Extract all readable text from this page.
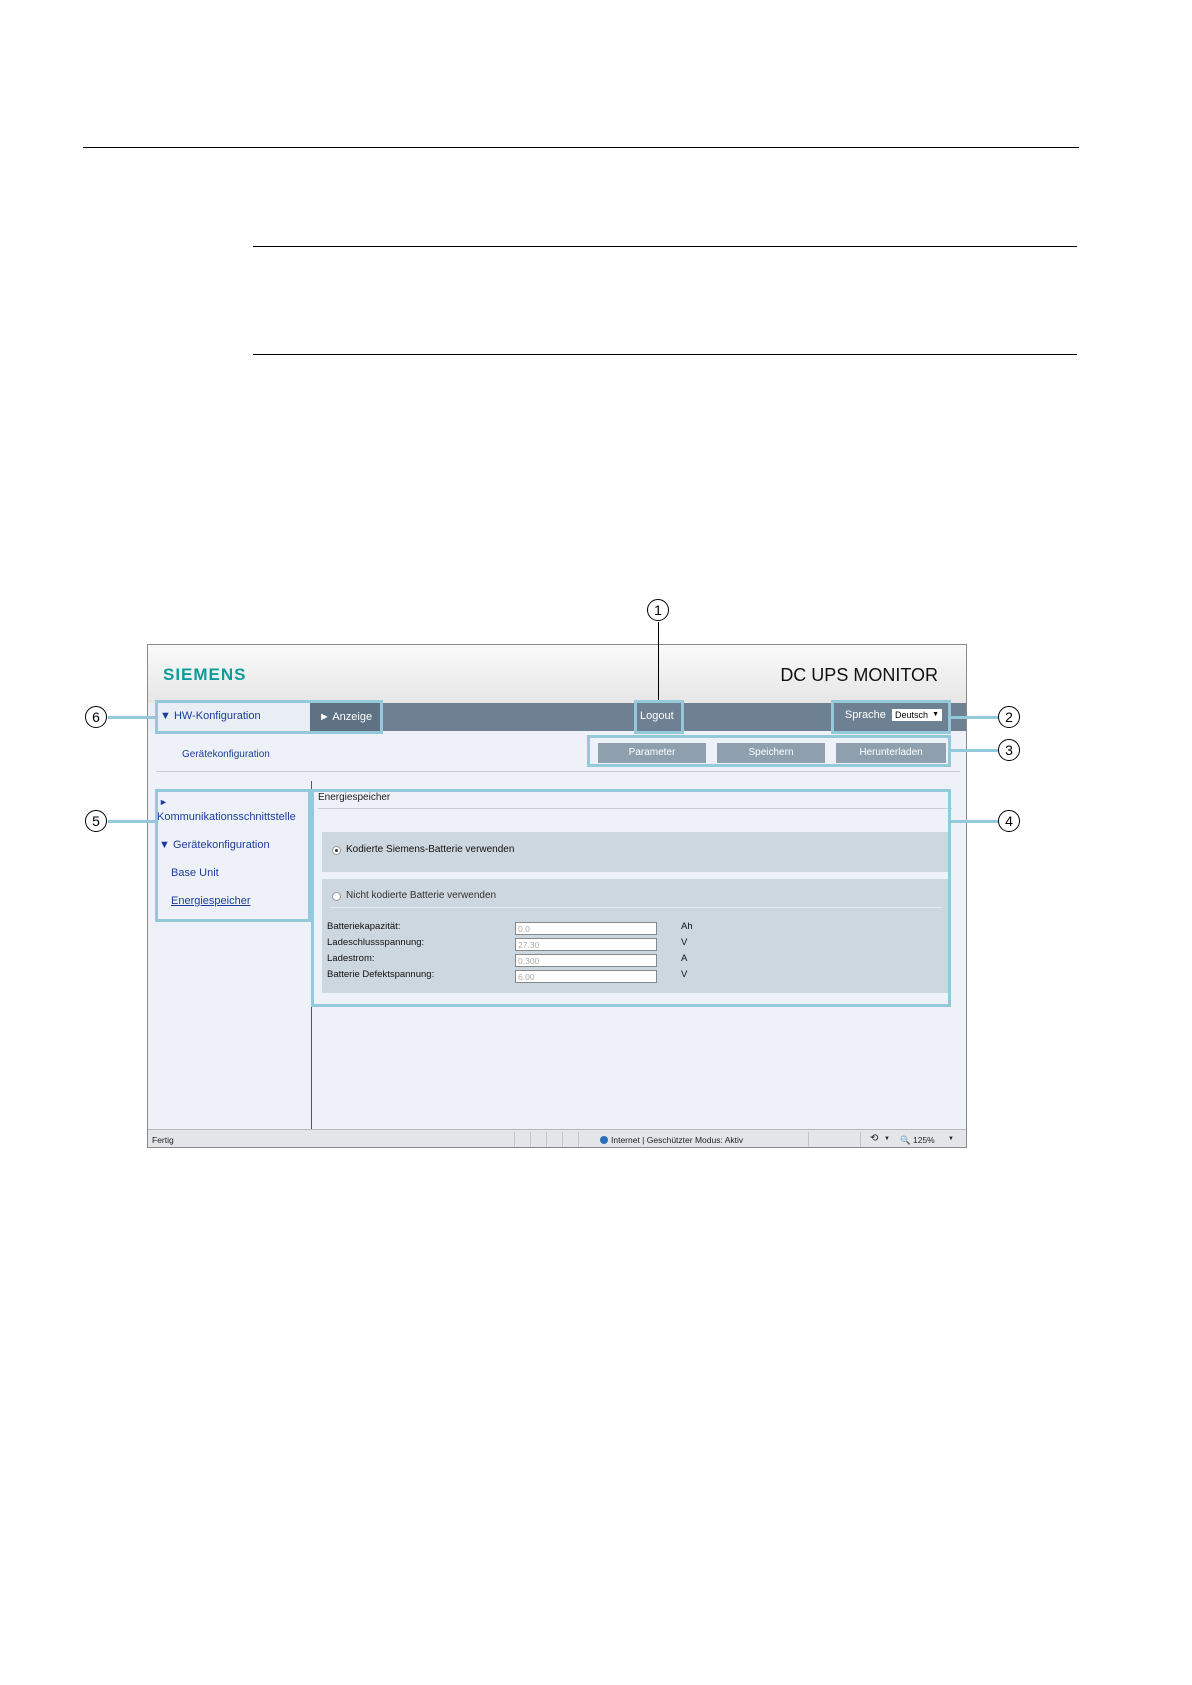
SIEMENS	DC UPS MONITOR
▼ HW-Konfiguration	► Anzeige	Logout	Sprache Deutsch ▼
Gerätekonfiguration	Parameter	Speichern	Herunterladen
►
Kommunikationsschnittstelle
▼ Gerätekonfiguration
Base Unit
Energiespeicher
Energiespeicher
Kodierte Siemens-Batterie verwenden
Nicht kodierte Batterie verwenden
Batteriekapazität:	0.0	Ah
Ladeschlussspannung:	27.30	V
Ladestrom:	0.300	A
Batterie Defektspannung:	6.00	V
Fertig	Internet | Geschützter Modus: Aktiv	⟲ ▼ 🔍 125% ▼
1
2
3
4
5
6
